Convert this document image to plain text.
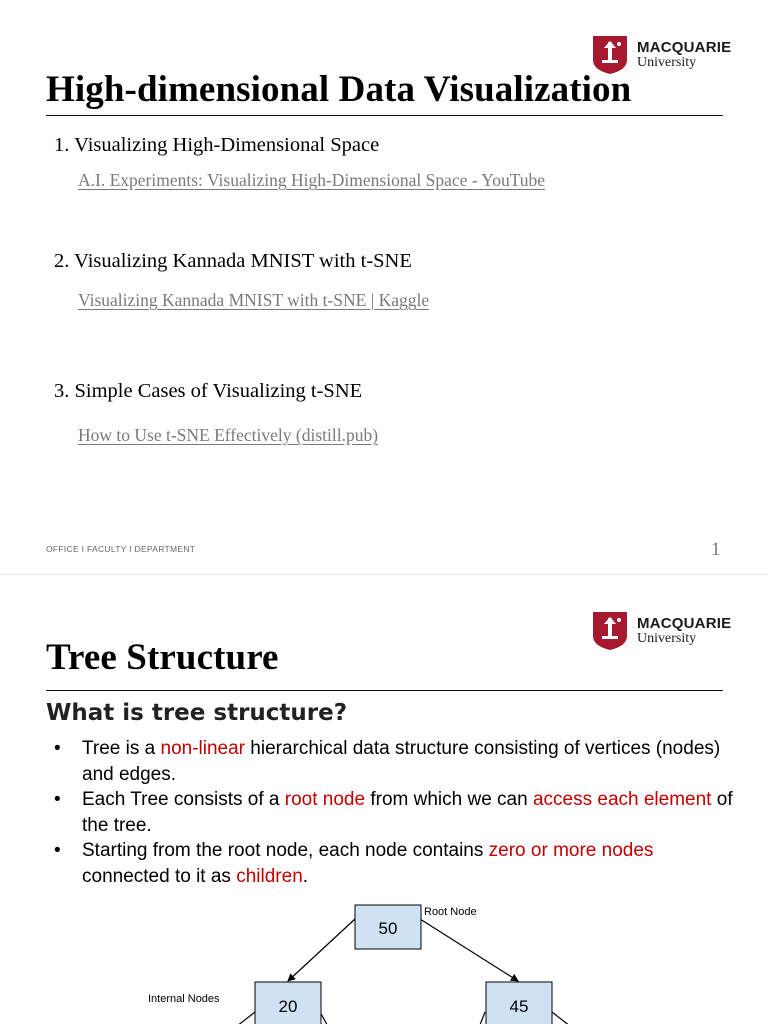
MACQUARIE
University
High-dimensional Data Visualization
1. Visualizing High-Dimensional Space
A.I. Experiments: Visualizing High-Dimensional Space - YouTube
2. Visualizing Kannada MNIST with t-SNE
Visualizing Kannada MNIST with t-SNE | Kaggle
3. Simple Cases of Visualizing t-SNE
How to Use t-SNE Effectively (distill.pub)
OFFICE I FACULTY I DEPARTMENT	1
MACQUARIE
University
Tree Structure
What is tree structure?
• Tree is a non-linear hierarchical data structure consisting of vertices (nodes) and edges.
• Each Tree consists of a root node from which we can access each element of the tree.
• Starting from the root node, each node contains zero or more nodes connected to it as children.
50
Root Node
20	45
Internal Nodes
